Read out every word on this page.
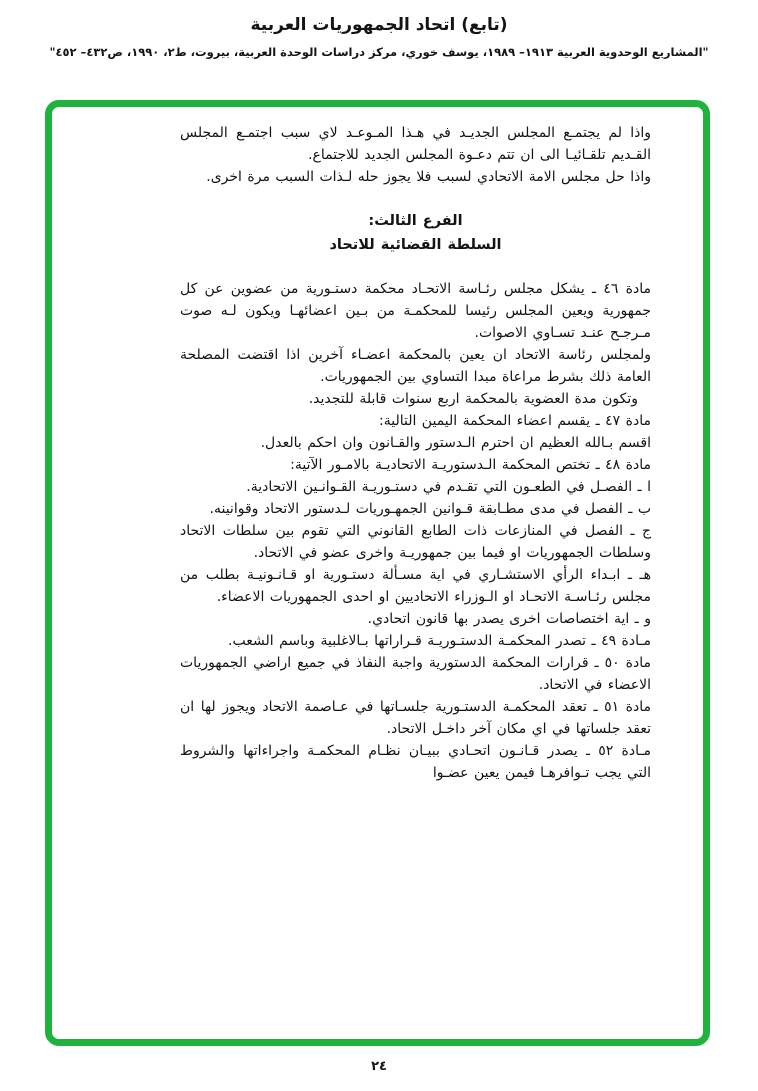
(تابع) اتحاد الجمهوريات العربية
"المشاريع الوحدوية العربية ١٩١٣– ١٩٨٩، يوسف خوري، مركز دراسات الوحدة العربية، بيروت، ط٢، ١٩٩٠، ص٤٣٢– ٤٥٢"

واذا لم يجتمـع المجلس الجديـد في هـذا المـوعـد لاي سبب اجتمـع المجلس القـديم تلقـائيـا الى ان تتم دعـوة المجلس الجديد للاجتماع.

واذا حل مجلس الامة الاتحادي لسبب فلا يجوز حله لـذات السبب مرة اخرى.

الفرع الثالث:
السلطة القضائية للاتحاد

مادة ٤٦ ـ يشكل مجلس رئـاسة الاتحـاد محكمة دستـورية من عضوين عن كل جمهورية ويعين المجلس رئيسا للمحكمـة من بـين اعضائهـا ويكون لـه صوت مـرجـح عنـد تسـاوي الاصوات.

ولمجلس رئاسة الاتحاد ان يعين بالمحكمة اعضـاء آخرين اذا اقتضت المصلحة العامة ذلك بشرط مراعاة مبدا التساوي بين الجمهوريات.

وتكون مدة العضوية بالمحكمة اربع سنوات قابلة للتجديد.

مادة ٤٧ ـ يقسم اعضاء المحكمة اليمين التالية:

اقسم بـالله العظيم ان احترم الـدستور والقـانون وان احكم بالعدل.

مادة ٤٨ ـ تختص المحكمة الـدستوريـة الاتحاديـة بالامـور الآتية:

ا ـ الفصـل في الطعـون التي تقـدم في دستـوريـة القـوانـين الاتحادية.

ب ـ الفصل في مدى مطـابقة قـوانين الجمهـوريات لـدستور الاتحاد وقوانينه.

ج ـ الفصل في المنازعات ذات الطابع القانوني التي تقوم بين سلطات الاتحاد وسلطات الجمهوريات او فيما بين جمهوريـة واخرى عضو في الاتحاد.

هـ ـ ابـداء الرأي الاستشـاري في اية مسـألة دستـورية او قـانـونيـة بطلب من مجلس رئـاسـة الاتحـاد او الـوزراء الاتحاديين او احدى الجمهوريات الاعضاء.

و ـ اية اختصاصات اخرى يصدر بها قانون اتحادي.

مـادة ٤٩ ـ تصدر المحكمـة الدستـوريـة قـراراتها بـالاغلبية وباسم الشعب.

مادة ٥٠ ـ قرارات المحكمة الدستورية واجبة النفاذ في جميع اراضي الجمهوريات الاعضاء في الاتحاد.

مادة ٥١ ـ تعقد المحكمـة الدستـورية جلسـاتها في عـاصمة الاتحاد ويجوز لها ان تعقد جلساتها في اي مكان آخر داخـل الاتحاد.

مـادة ٥٢ ـ يصدر قـانـون اتحـادي ببيـان نظـام المحكمـة واجراءاتها والشروط التي يجب تـوافرهـا فيمن يعين عضـوا

٢٤
